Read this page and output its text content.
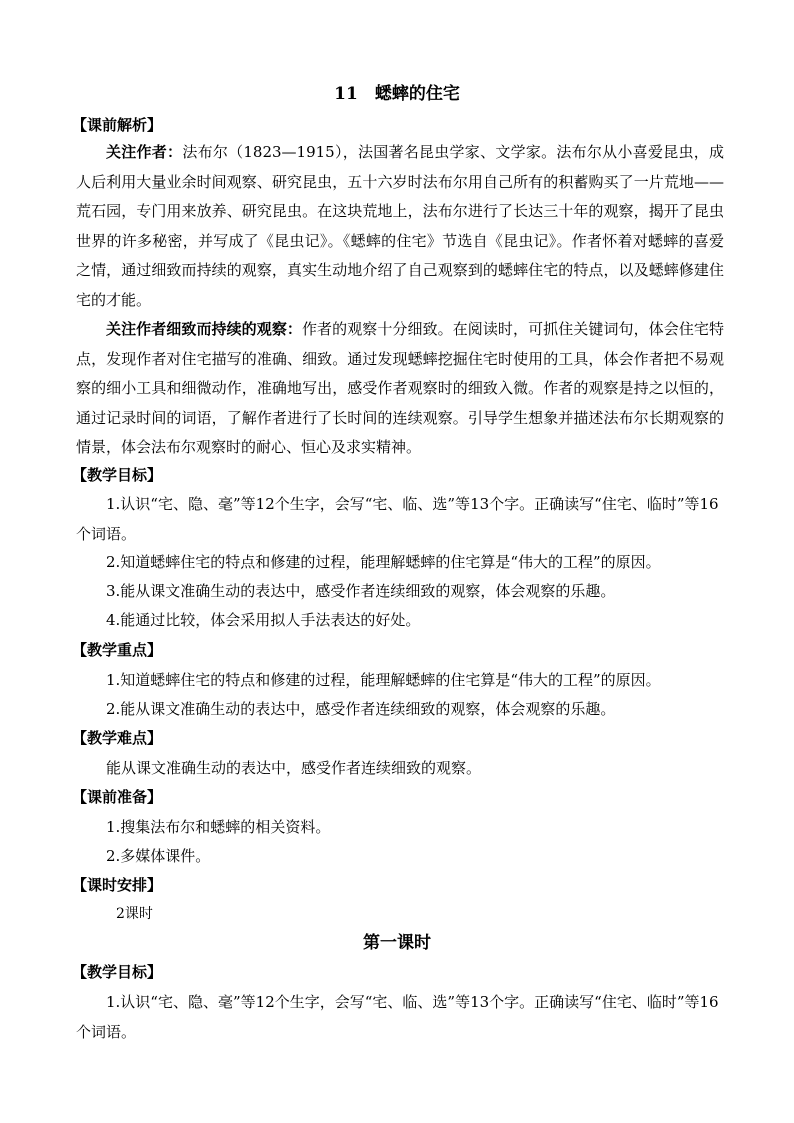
11　蟋蟀的住宅
【课前解析】

关注作者：法布尔（1823—1915），法国著名昆虫学家、文学家。法布尔从小喜爱昆虫，成人后利用大量业余时间观察、研究昆虫，五十六岁时法布尔用自己所有的积蓄购买了一片荒地——荒石园，专门用来放养、研究昆虫。在这块荒地上，法布尔进行了长达三十年的观察，揭开了昆虫世界的许多秘密，并写成了《昆虫记》。《蟋蟀的住宅》节选自《昆虫记》。作者怀着对蟋蟀的喜爱之情，通过细致而持续的观察，真实生动地介绍了自己观察到的蟋蟀住宅的特点，以及蟋蟀修建住宅的才能。

关注作者细致而持续的观察：作者的观察十分细致。在阅读时，可抓住关键词句，体会住宅特点，发现作者对住宅描写的准确、细致。通过发现蟋蟀挖掘住宅时使用的工具，体会作者把不易观察的细小工具和细微动作，准确地写出，感受作者观察时的细致入微。作者的观察是持之以恒的，通过记录时间的词语，了解作者进行了长时间的连续观察。引导学生想象并描述法布尔长期观察的情景，体会法布尔观察时的耐心、恒心及求实精神。

【教学目标】

1.认识“宅、隐、毫”等12个生字，会写“宅、临、选”等13个字。正确读写“住宅、临时”等16个词语。

2.知道蟋蟀住宅的特点和修建的过程，能理解蟋蟀的住宅算是“伟大的工程”的原因。

3.能从课文准确生动的表达中，感受作者连续细致的观察，体会观察的乐趣。

4.能通过比较，体会采用拟人手法表达的好处。

【教学重点】

1.知道蟋蟀住宅的特点和修建的过程，能理解蟋蟀的住宅算是“伟大的工程”的原因。

2.能从课文准确生动的表达中，感受作者连续细致的观察，体会观察的乐趣。

【教学难点】
能从课文准确生动的表达中，感受作者连续细致的观察。
【课前准备】
1.搜集法布尔和蟋蟀的相关资料。
2.多媒体课件。
【课时安排】
2课时
第一课时
【教学目标】

1.认识“宅、隐、毫”等12个生字，会写“宅、临、选”等13个字。正确读写“住宅、临时”等16个词语。
